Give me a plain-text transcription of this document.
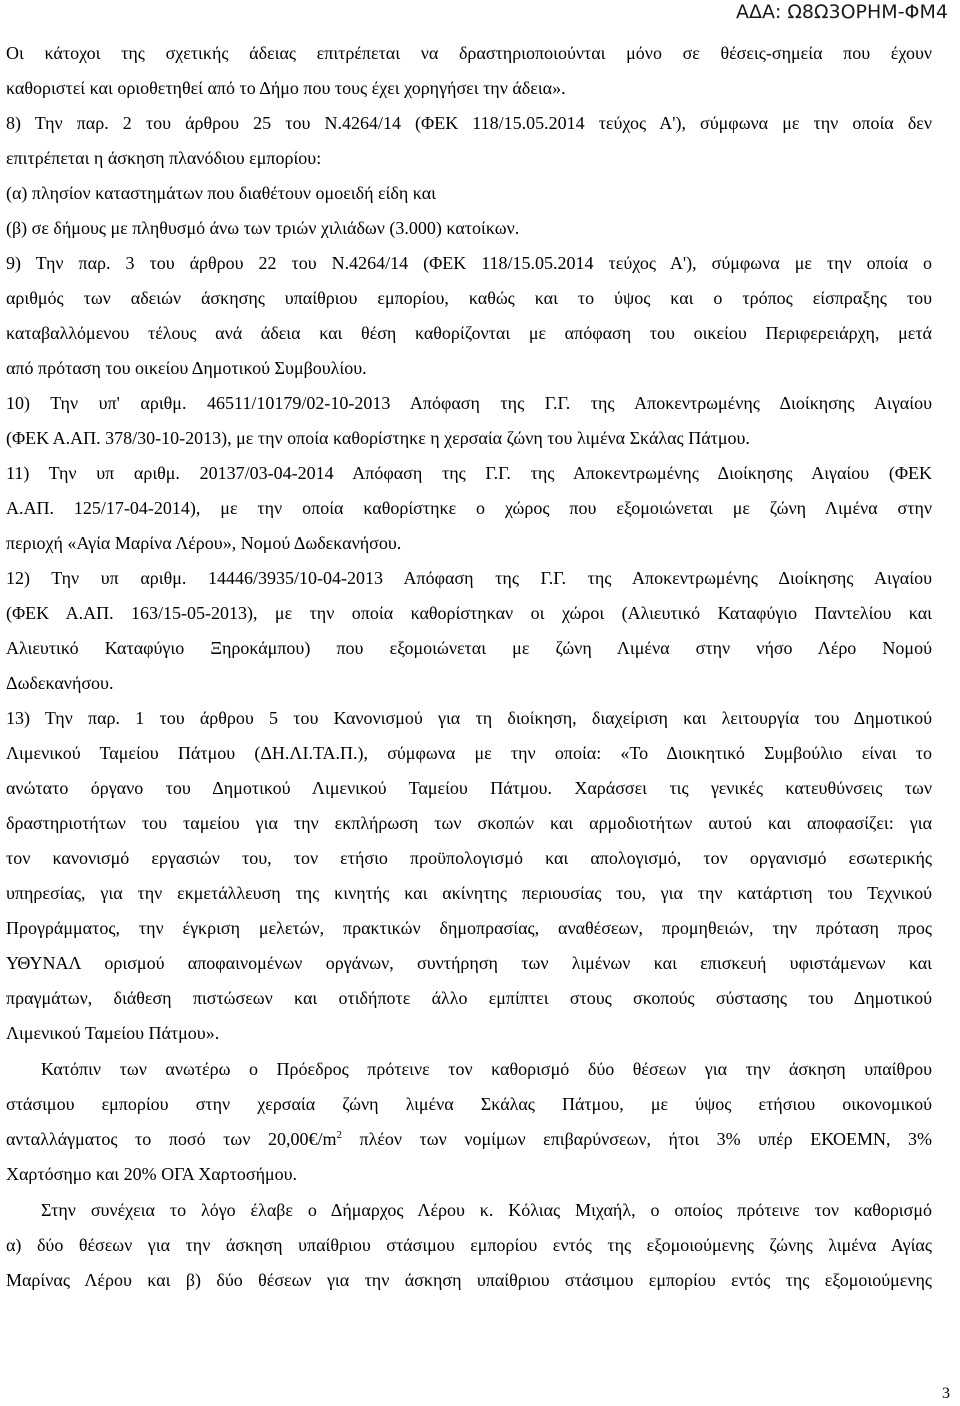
ΑΔΑ: Ω8Ω3ΟΡΗΜ-ΦΜ4

Οι κάτοχοι της σχετικής άδειας επιτρέπεται να δραστηριοποιούνται μόνο σε θέσεις-σημεία που έχουν

καθοριστεί και οριοθετηθεί από το Δήμο που τους έχει χορηγήσει την άδεια».

8) Την παρ. 2 του άρθρου 25 του Ν.4264/14 (ΦΕΚ 118/15.05.2014 τεύχος Α'), σύμφωνα με την οποία δεν

επιτρέπεται η άσκηση πλανόδιου εμπορίου:

(α) πλησίον καταστημάτων που διαθέτουν ομοειδή είδη και

(β) σε δήμους με πληθυσμό άνω των τριών χιλιάδων (3.000) κατοίκων.

9) Την παρ. 3 του άρθρου 22 του Ν.4264/14 (ΦΕΚ 118/15.05.2014 τεύχος Α'), σύμφωνα με την οποία ο

αριθμός των αδειών άσκησης υπαίθριου εμπορίου, καθώς και το ύψος και ο τρόπος είσπραξης του

καταβαλλόμενου τέλους ανά άδεια και θέση καθορίζονται με απόφαση του οικείου Περιφερειάρχη, μετά

από πρόταση του οικείου Δημοτικού Συμβουλίου.

10) Την υπ' αριθμ. 46511/10179/02-10-2013 Απόφαση της Γ.Γ. της Αποκεντρωμένης Διοίκησης Αιγαίου

(ΦΕΚ Α.ΑΠ. 378/30-10-2013), με την οποία καθορίστηκε η χερσαία ζώνη του λιμένα Σκάλας Πάτμου.

11) Την υπ αριθμ. 20137/03-04-2014 Απόφαση της Γ.Γ. της Αποκεντρωμένης Διοίκησης Αιγαίου (ΦΕΚ

Α.ΑΠ. 125/17-04-2014), με την οποία καθορίστηκε ο χώρος που εξομοιώνεται με ζώνη Λιμένα στην

περιοχή «Αγία Μαρίνα Λέρου», Νομού Δωδεκανήσου.

12) Την υπ αριθμ. 14446/3935/10-04-2013 Απόφαση της Γ.Γ. της Αποκεντρωμένης Διοίκησης Αιγαίου

(ΦΕΚ Α.ΑΠ. 163/15-05-2013), με την οποία καθορίστηκαν οι χώροι (Αλιευτικό Καταφύγιο Παντελίου και

Αλιευτικό Καταφύγιο Ξηροκάμπου) που εξομοιώνεται με ζώνη Λιμένα στην νήσο Λέρο Νομού

Δωδεκανήσου.

13) Την παρ. 1 του άρθρου 5 του Κανονισμού για τη διοίκηση, διαχείριση και λειτουργία του Δημοτικού

Λιμενικού Ταμείου Πάτμου (ΔΗ.ΛΙ.ΤΑ.Π.), σύμφωνα με την οποία: «Το Διοικητικό Συμβούλιο είναι το

ανώτατο όργανο του Δημοτικού Λιμενικού Ταμείου Πάτμου. Χαράσσει τις γενικές κατευθύνσεις των

δραστηριοτήτων του ταμείου για την εκπλήρωση των σκοπών και αρμοδιοτήτων αυτού και αποφασίζει: για

τον κανονισμό εργασιών του, τον ετήσιο προϋπολογισμό και απολογισμό, τον οργανισμό εσωτερικής

υπηρεσίας, για την εκμετάλλευση της κινητής και ακίνητης περιουσίας του, για την κατάρτιση του Τεχνικού

Προγράμματος, την έγκριση μελετών, πρακτικών δημοπρασίας, αναθέσεων, προμηθειών, την πρόταση προς

ΥΘΥΝΑΛ ορισμού αποφαινομένων οργάνων, συντήρηση των λιμένων και επισκευή υφιστάμενων και

πραγμάτων, διάθεση πιστώσεων και οτιδήποτε άλλο εμπίπτει στους σκοπούς σύστασης του Δημοτικού

Λιμενικού Ταμείου Πάτμου».

Κατόπιν των ανωτέρω ο Πρόεδρος πρότεινε τον καθορισμό δύο θέσεων για την άσκηση υπαίθρου

στάσιμου εμπορίου στην χερσαία ζώνη λιμένα Σκάλας Πάτμου, με ύψος ετήσιου οικονομικού

ανταλλάγματος το ποσό των $20,00€/m^2$ πλέον των νομίμων επιβαρύνσεων, ήτοι 3% υπέρ ΕΚΟΕΜΝ, 3%

Χαρτόσημο και 20% ΟΓΑ Χαρτοσήμου.

Στην συνέχεια το λόγο έλαβε ο Δήμαρχος Λέρου κ. Κόλιας Μιχαήλ, ο οποίος πρότεινε τον καθορισμό

α) δύο θέσεων για την άσκηση υπαίθριου στάσιμου εμπορίου εντός της εξομοιούμενης ζώνης λιμένα Αγίας

Μαρίνας Λέρου και β) δύο θέσεων για την άσκηση υπαίθριου στάσιμου εμπορίου εντός της εξομοιούμενης

3
